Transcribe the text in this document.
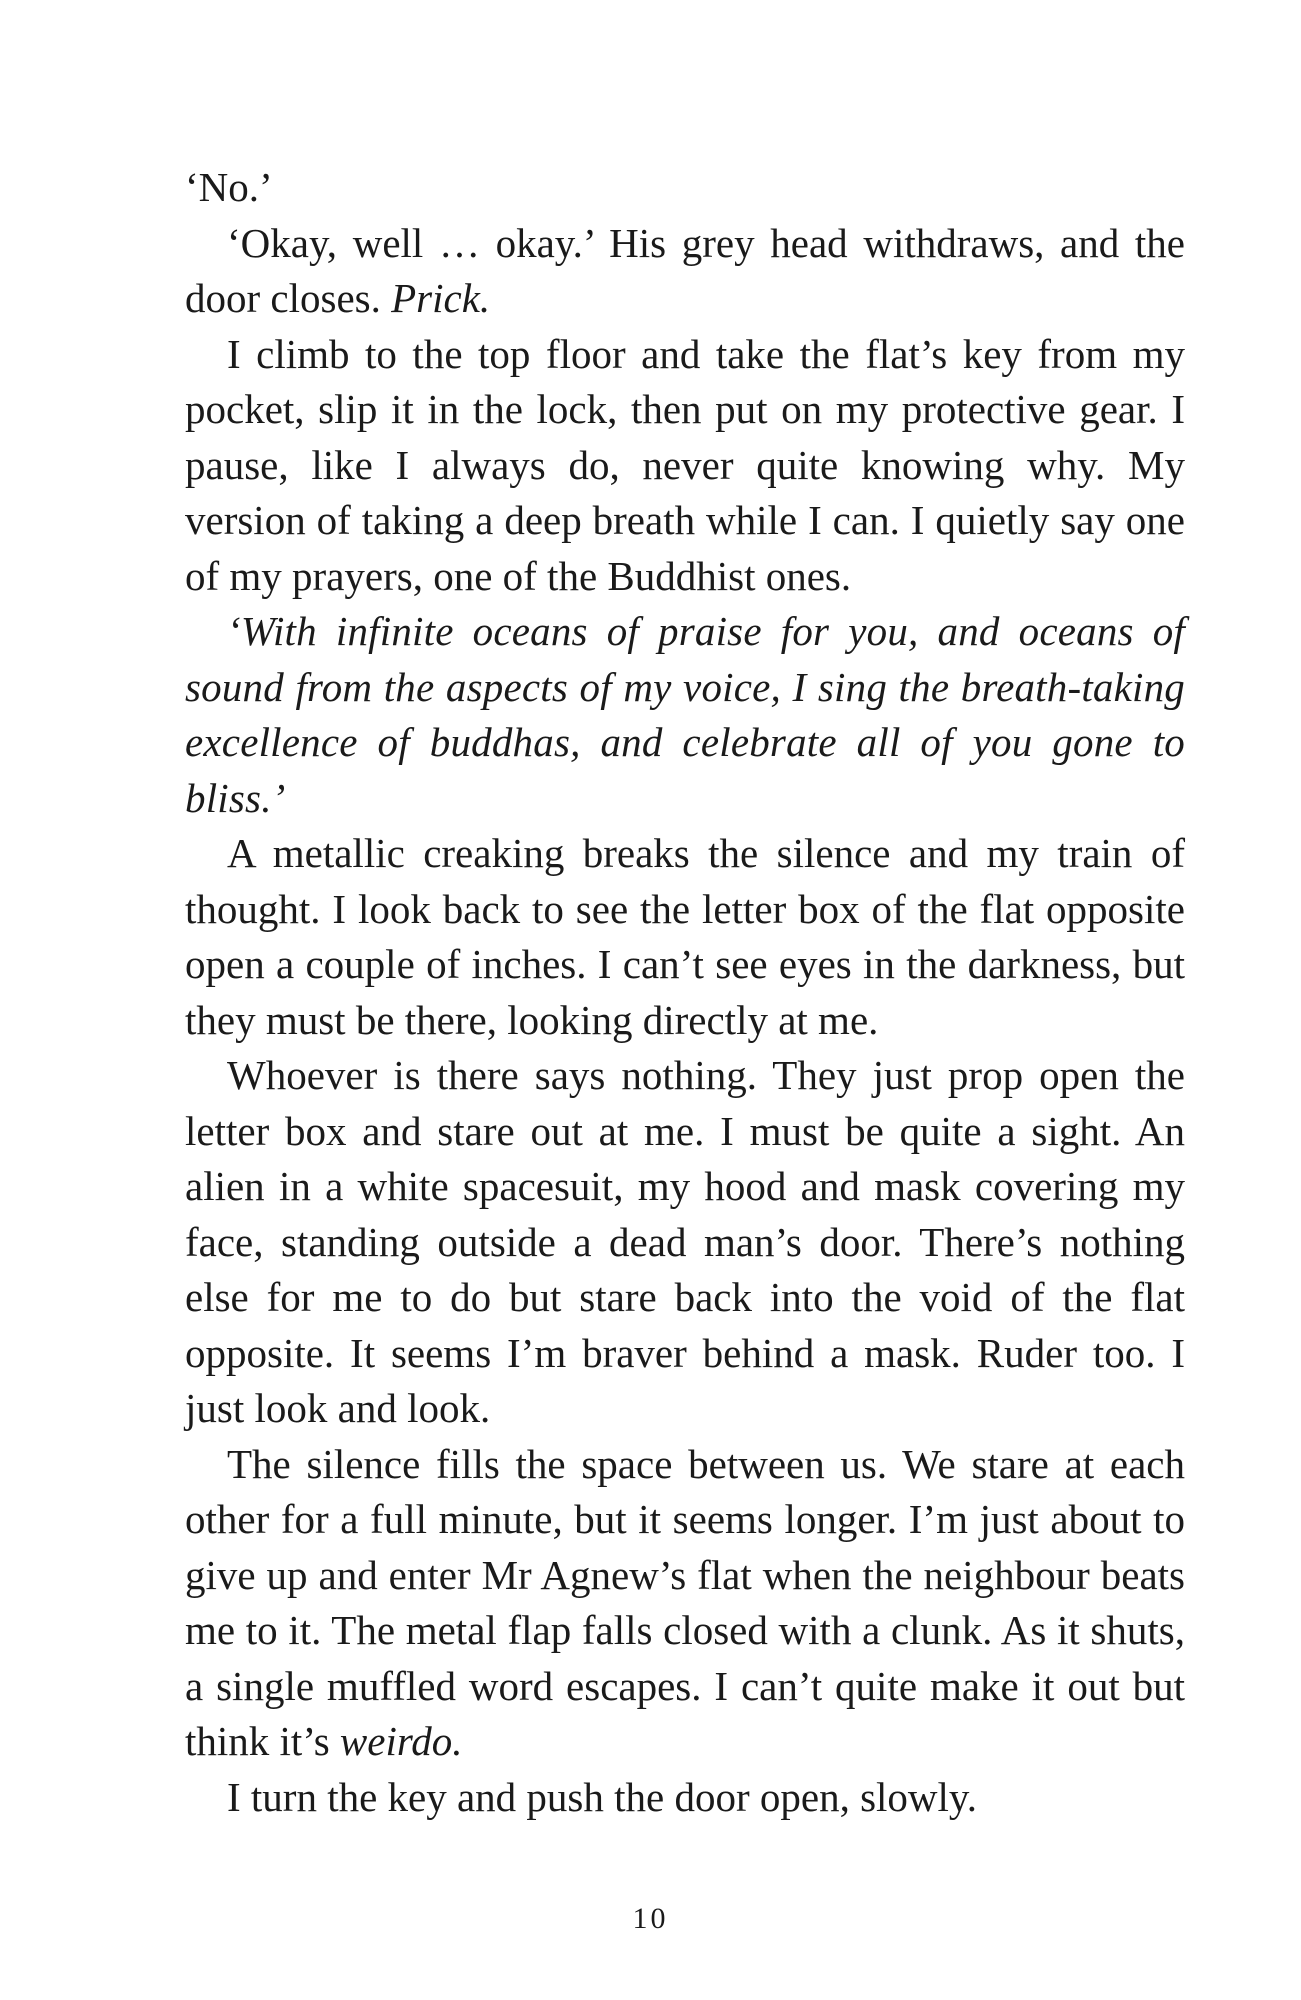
‘No.’

‘Okay, well … okay.’ His grey head withdraws, and the door closes. Prick.

I climb to the top floor and take the flat’s key from my pocket, slip it in the lock, then put on my protective gear. I pause, like I always do, never quite knowing why. My version of taking a deep breath while I can. I quietly say one of my prayers, one of the Buddhist ones.

‘With infinite oceans of praise for you, and oceans of sound from the aspects of my voice, I sing the breath-taking excellence of buddhas, and celebrate all of you gone to bliss.’

A metallic creaking breaks the silence and my train of thought. I look back to see the letter box of the flat opposite open a couple of inches. I can’t see eyes in the darkness, but they must be there, looking directly at me.

Whoever is there says nothing. They just prop open the letter box and stare out at me. I must be quite a sight. An alien in a white spacesuit, my hood and mask covering my face, standing outside a dead man’s door. There’s nothing else for me to do but stare back into the void of the flat opposite. It seems I’m braver behind a mask. Ruder too. I just look and look.

The silence fills the space between us. We stare at each other for a full minute, but it seems longer. I’m just about to give up and enter Mr Agnew’s flat when the neighbour beats me to it. The metal flap falls closed with a clunk. As it shuts, a single muffled word escapes. I can’t quite make it out but think it’s weirdo.

I turn the key and push the door open, slowly.

10
